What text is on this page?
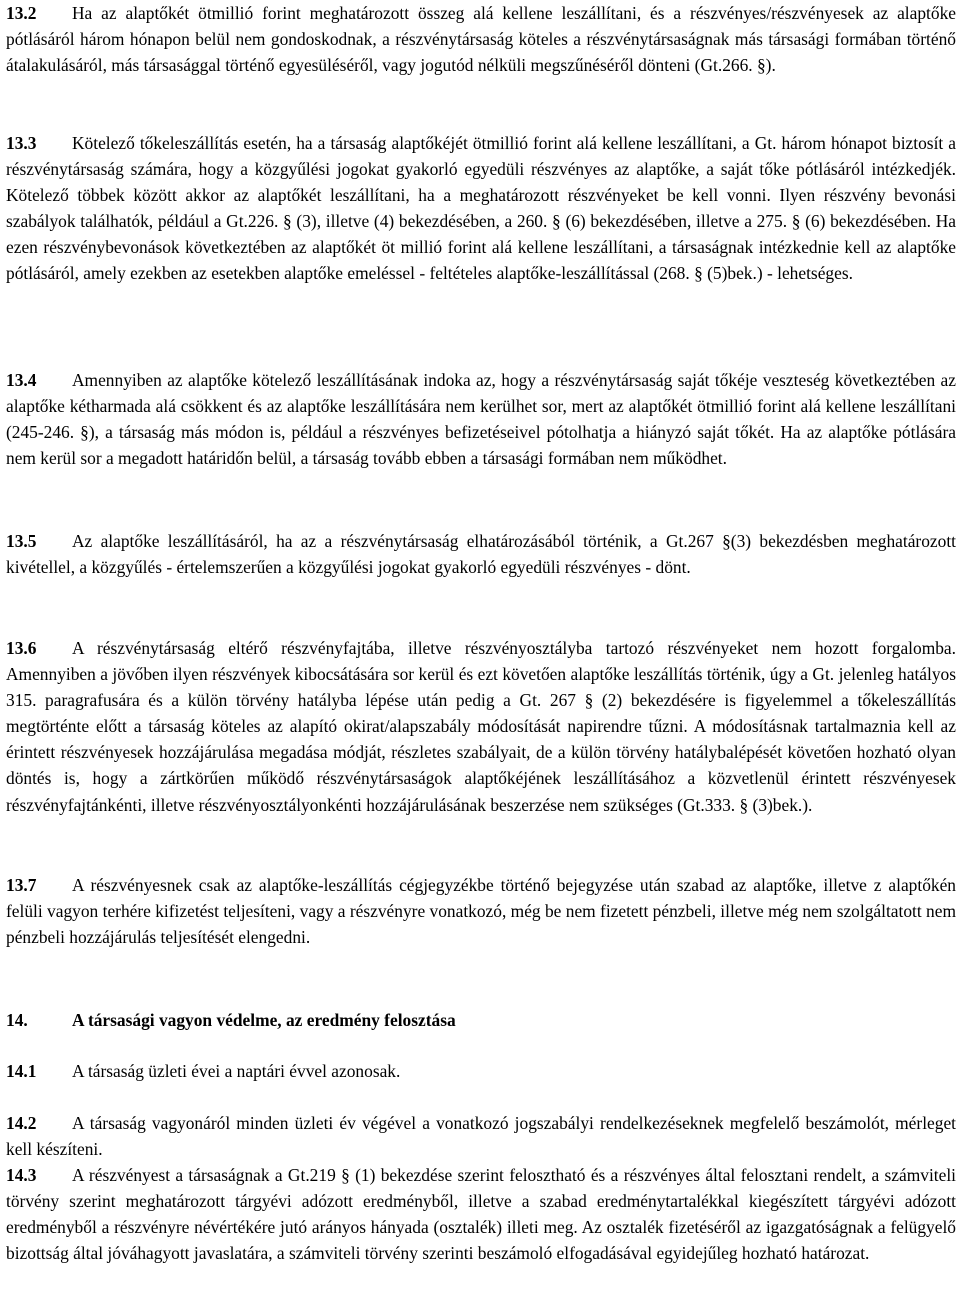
13.2 Ha az alaptőkét ötmillió forint meghatározott összeg alá kellene leszállítani, és a részvényes/részvényesek az alaptőke pótlásáról három hónapon belül nem gondoskodnak, a részvénytársaság köteles a részvénytársaságnak más társasági formában történő átalakulásáról, más társasággal történő egyesüléséről, vagy jogutód nélküli megszűnéséről dönteni (Gt.266. §).

13.3 Kötelező tőkeleszállítás esetén, ha a társaság alaptőkéjét ötmillió forint alá kellene leszállítani, a Gt. három hónapot biztosít a részvénytársaság számára, hogy a közgyűlési jogokat gyakorló egyedüli részvényes az alaptőke, a saját tőke pótlásáról intézkedjék. Kötelező többek között akkor az alaptőkét leszállítani, ha a meghatározott részvényeket be kell vonni. Ilyen részvény bevonási szabályok találhatók, például a Gt.226. § (3), illetve (4) bekezdésében, a 260. § (6) bekezdésében, illetve a 275. § (6) bekezdésében. Ha ezen részvénybevonások következtében az alaptőkét öt millió forint alá kellene leszállítani, a társaságnak intézkednie kell az alaptőke pótlásáról, amely ezekben az esetekben alaptőke emeléssel - feltételes alaptőke-leszállítással (268. § (5)bek.) - lehetséges.

13.4 Amennyiben az alaptőke kötelező leszállításának indoka az, hogy a részvénytársaság saját tőkéje veszteség következtében az alaptőke kétharmada alá csökkent és az alaptőke leszállítására nem kerülhet sor, mert az alaptőkét ötmillió forint alá kellene leszállítani (245-246. §), a társaság más módon is, például a részvényes befizetéseivel pótolhatja a hiányzó saját tőkét. Ha az alaptőke pótlására nem kerül sor a megadott határidőn belül, a társaság tovább ebben a társasági formában nem működhet.

13.5 Az alaptőke leszállításáról, ha az a részvénytársaság elhatározásából történik, a Gt.267 §(3) bekezdésben meghatározott kivétellel, a közgyűlés - értelemszerűen a közgyűlési jogokat gyakorló egyedüli részvényes - dönt.

13.6 A részvénytársaság eltérő részvényfajtába, illetve részvényosztályba tartozó részvényeket nem hozott forgalomba. Amennyiben a jövőben ilyen részvények kibocsátására sor kerül és ezt követően alaptőke leszállítás történik, úgy a Gt. jelenleg hatályos 315. paragrafusára és a külön törvény hatályba lépése után pedig a Gt. 267 § (2) bekezdésére is figyelemmel a tőkeleszállítás megtörténte előtt a társaság köteles az alapító okirat/alapszabály módosítását napirendre tűzni. A módosításnak tartalmaznia kell az érintett részvényesek hozzájárulása megadása módját, részletes szabályait, de a külön törvény hatálybalépését követően hozható olyan döntés is, hogy a zártkörűen működő részvénytársaságok alaptőkéjének leszállításához a közvetlenül érintett részvényesek részvényfajtánkénti, illetve részvényosztályonkénti hozzájárulásának beszerzése nem szükséges (Gt.333. § (3)bek.).

13.7 A részvényesnek csak az alaptőke-leszállítás cégjegyzékbe történő bejegyzése után szabad az alaptőke, illetve z alaptőkén felüli vagyon terhére kifizetést teljesíteni, vagy a részvényre vonatkozó, még be nem fizetett pénzbeli, illetve még nem szolgáltatott nem pénzbeli hozzájárulás teljesítését elengedni.

14.	A társasági vagyon védelme, az eredmény felosztása

14.1 A társaság üzleti évei a naptári évvel azonosak.

14.2 A társaság vagyonáról minden üzleti év végével a vonatkozó jogszabályi rendelkezéseknek megfelelő beszámolót, mérleget kell készíteni.

14.3 A részvényest a társaságnak a Gt.219 § (1) bekezdése szerint felosztható és a részvényes által felosztani rendelt, a számviteli törvény szerint meghatározott tárgyévi adózott eredményből, illetve a szabad eredménytartalékkal kiegészített tárgyévi adózott eredményből a részvényre névértékére jutó arányos hányada (osztalék) illeti meg. Az osztalék fizetéséről az igazgatóságnak a felügyelő bizottság által jóváhagyott javaslatára, a számviteli törvény szerinti beszámoló elfogadásával egyidejűleg hozható határozat.
